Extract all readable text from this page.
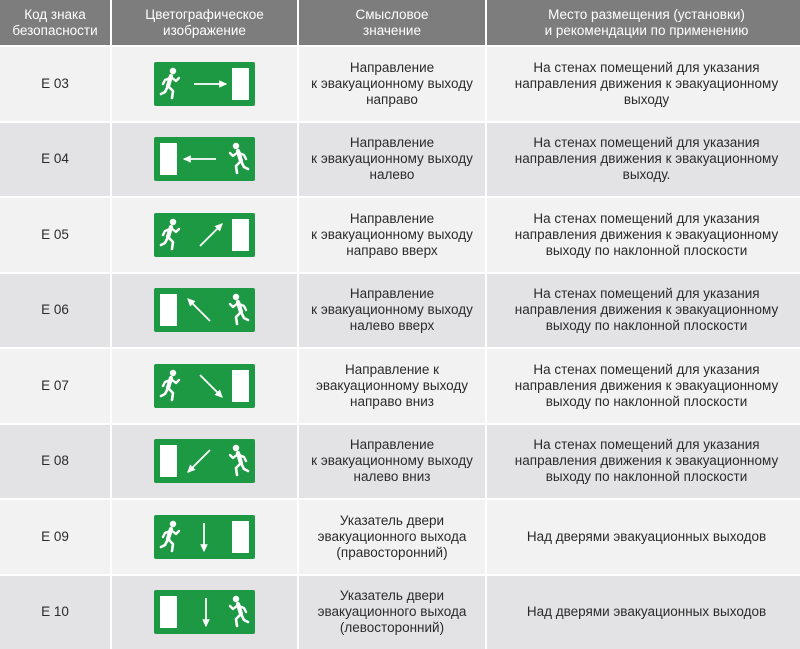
Код знака
безопасности
Цветографическое
изображение
Смысловое
значение
Место размещения (установки)
и рекомендации по применению
E 03
Направление
к эвакуационному выходу
направо
На стенах помещений для указания
направления движения к эвакуационному
выходу
E 04
Направление
к эвакуационному выходу
налево
На стенах помещений для указания
направления движения к эвакуационному
выходу.
E 05
Направление
к эвакуационному выходу
направо вверх
На стенах помещений для указания
направления движения к эвакуационному
выходу по наклонной плоскости
E 06
Направление
к эвакуационному выходу
налево вверх
На стенах помещений для указания
направления движения к эвакуационному
выходу по наклонной плоскости
E 07
Направление к
эвакуационному выходу
направо вниз
На стенах помещений для указания
направления движения к эвакуационному
выходу по наклонной плоскости
E 08
Направление
к эвакуационному выходу
налево вниз
На стенах помещений для указания
направления движения к эвакуационному
выходу по наклонной плоскости
E 09
Указатель двери
эвакуационного выхода
(правосторонний)
Над дверями эвакуационных выходов
E 10
Указатель двери
эвакуационного выхода
(левосторонний)
Над дверями эвакуационных выходов
